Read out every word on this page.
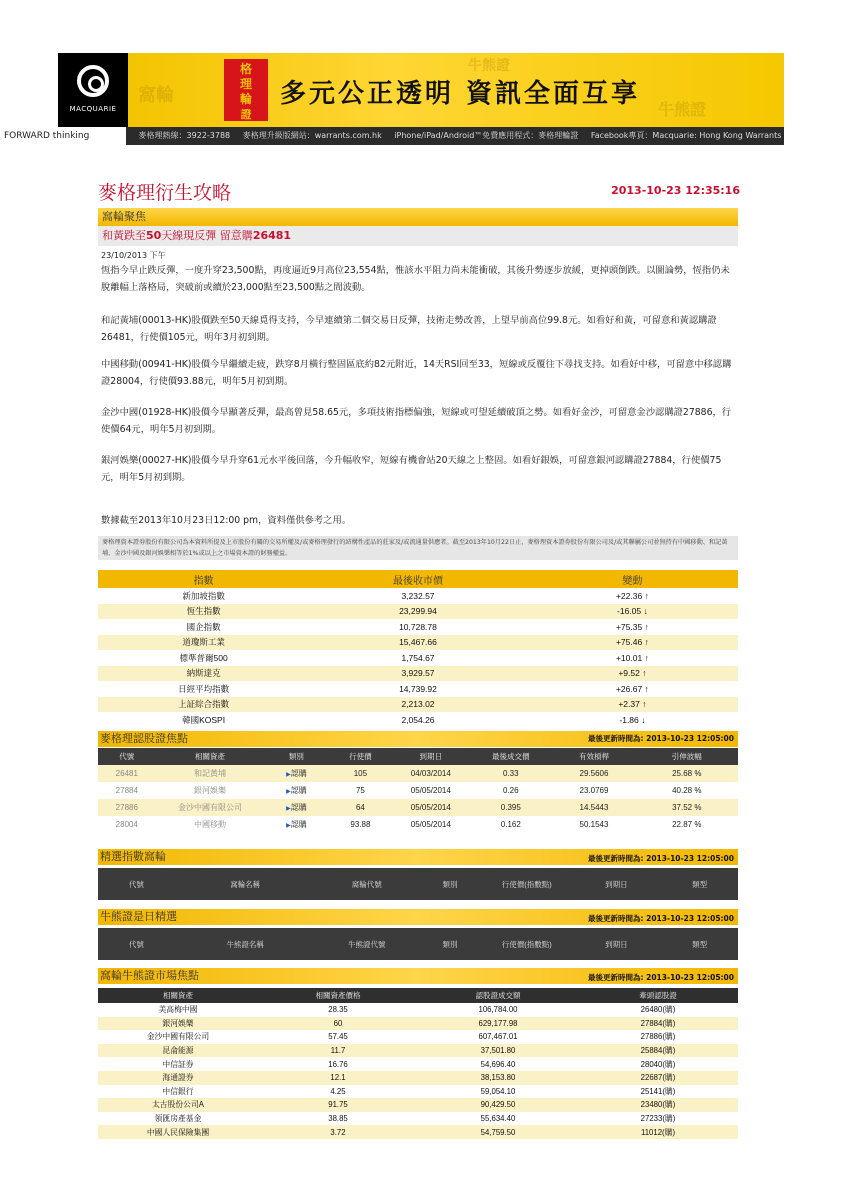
MACQUARIE
窩輪
牛熊證
牛熊證
格理輪
證
多元公正透明 資訊全面互享
FORWARD thinking	麥格理熱線：3922-3788 麥格理升級版網站：warrants.com.hk iPhone/iPad/Android™免費應用程式：麥格理輪證 Facebook專頁：Macquarie: Hong Kong Warrants
麥格理衍生攻略	2013-10-23 12:35:16
窩輪聚焦
和黃跌至50天線現反彈 留意購26481
23/10/2013 下午

恆指今早止跌反彈，一度升穿23,500點，再度逼近9月高位23,554點，惟該水平阻力尚未能衝破，其後升勢逐步放緩，更掉頭倒跌。以圖論勢，恆指仍未脫離幅上落格局，突破前或續於23,000點至23,500點之間波動。

和記黃埔(00013-HK)股價跌至50天線覓得支持，今早連續第二個交易日反彈，技術走勢改善，上望早前高位99.8元。如看好和黃，可留意和黃認購證26481，行使價105元，明年3月初到期。

中國移動(00941-HK)股價今早繼續走疲，跌穿8月橫行整固區底約82元附近，14天RSI回至33，短線或反覆往下尋找支持。如看好中移，可留意中移認購證28004，行使價93.88元，明年5月初到期。

金沙中國(01928-HK)股價今早顯著反彈，最高曾見58.65元，多項技術指標偏強，短線或可望延續破頂之勢。如看好金沙，可留意金沙認購證27886，行使價64元，明年5月初到期。

銀河娛樂(00027-HK)股價今早升穿61元水平後回落，今升幅收窄，短線有機會站20天線之上整固。如看好銀娛，可留意銀河認購證27884，行使價75元，明年5月初到期。

數據截至2013年10月23日12:00 pm，資料僅供參考之用。

麥格理資本證券股份有限公司為本資料所提及上市股份有關的交易所權及/或麥格理發行的結構性產品的莊家及/或流通量供應者。截至2013年10月22日止，麥格理資本證券股份有限公司及/或其聯屬公司並無持有中國移動、和記黃埔、金沙中國及銀河娛樂相等於1%或以上之市場資本證的財務權益。
指數	最後收市價	變動
新加坡指數	3,232.57	+22.36 ↑
恆生指數	23,299.94	-16.05 ↓
國企指數	10,728.78	+75.35 ↑
道瓊斯工業	15,467.66	+75.46 ↑
標準普爾500	1,754.67	+10.01 ↑
納斯達克	3,929.57	+9.52 ↑
日經平均指數	14,739.92	+26.67 ↑
上証綜合指數	2,213.02	+2.37 ↑
韓國KOSPI	2,054.26	-1.86 ↓
麥格理認股證焦點	最後更新時間為: 2013-10-23 12:05:00
代號	相關資產	類別	行使價	到期日	最後成交價	有效槓桿	引伸波幅
26481	和記黃埔	▶認購	105	04/03/2014	0.33	29.5606	25.68 %
27884	銀河娛樂	▶認購	75	05/05/2014	0.26	23.0769	40.28 %
27886	金沙中國有限公司	▶認購	64	05/05/2014	0.395	14.5443	37.52 %
28004	中國移動	▶認購	93.88	05/05/2014	0.162	50.1543	22.87 %
精選指數窩輪	最後更新時間為: 2013-10-23 12:05:00
代號	窩輪名稱	窩輪代號	類別	行使價(指數點)	到期日	類型
牛熊證是日精選	最後更新時間為: 2013-10-23 12:05:00
代號	牛熊證名稱	牛熊證代號	類別	行使價(指數點)	到期日	類型
窩輪牛熊證市場焦點	最後更新時間為: 2013-10-23 12:05:00
相關資產	相關資產價格	認股證成交額	牽頭認股證
美高梅中國	28.35	106,784.00	26480(購)
銀河娛樂	60	629,177.98	27884(購)
金沙中國有限公司	57.45	607,467.01	27886(購)
昆侖能源	11.7	37,501.80	25884(購)
中信証券	16.76	54,696.40	28040(購)
海通證券	12.1	38,153.80	22687(購)
中信銀行	4.25	59,054.10	25141(購)
太古股份公司A	91.75	90,429.50	23480(購)
領匯房產基金	38.85	55,634.40	27233(購)
中國人民保險集團	3.72	54,759.50	11012(購)
